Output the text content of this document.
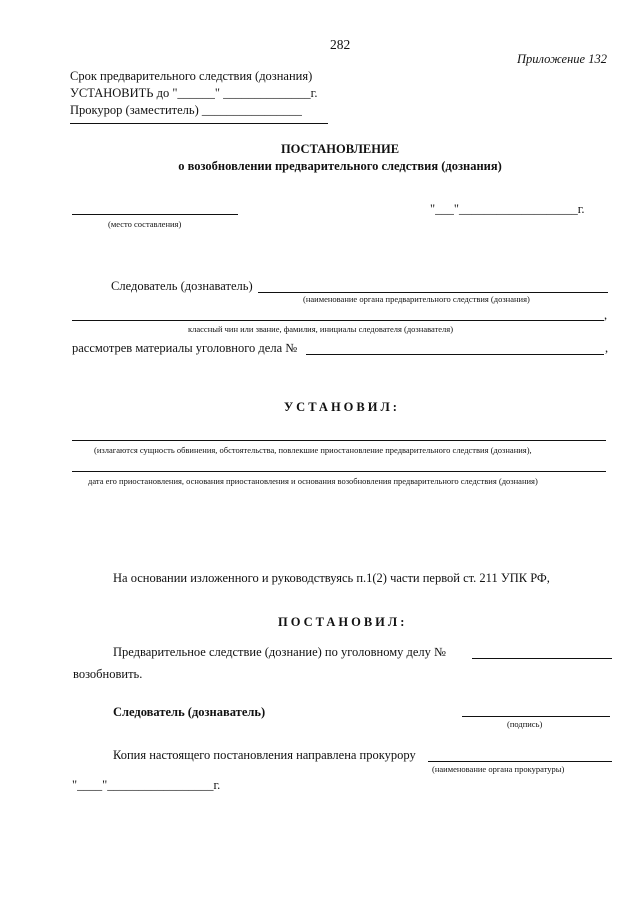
282
Приложение 132
Срок предварительного следствия (дознания)
УСТАНОВИТЬ до "______" ______________г.
Прокурор (заместитель) ________________
ПОСТАНОВЛЕНИЕ
о возобновлении предварительного следствия (дознания)
(место составления)
"___"___________________г.
Следователь (дознаватель)
(наименование органа предварительного следствия (дознания)
,
классный чин или звание, фамилия, инициалы следователя (дознавателя)
рассмотрев материалы уголовного дела №	,
УСТАНОВИЛ:
(излагаются сущность обвинения, обстоятельства, повлекшие приостановление предварительного следствия (дознания),
дата его приостановления, основания приостановления и основания возобновления предварительного следствия (дознания)
На основании изложенного и руководствуясь п.1(2) части первой ст. 211 УПК РФ,
ПОСТАНОВИЛ:
Предварительное следствие (дознание) по уголовному делу №
возобновить.
Следователь (дознаватель)
(подпись)
Копия настоящего постановления направлена прокурору
(наименование органа прокуратуры)
"____"_________________г.
